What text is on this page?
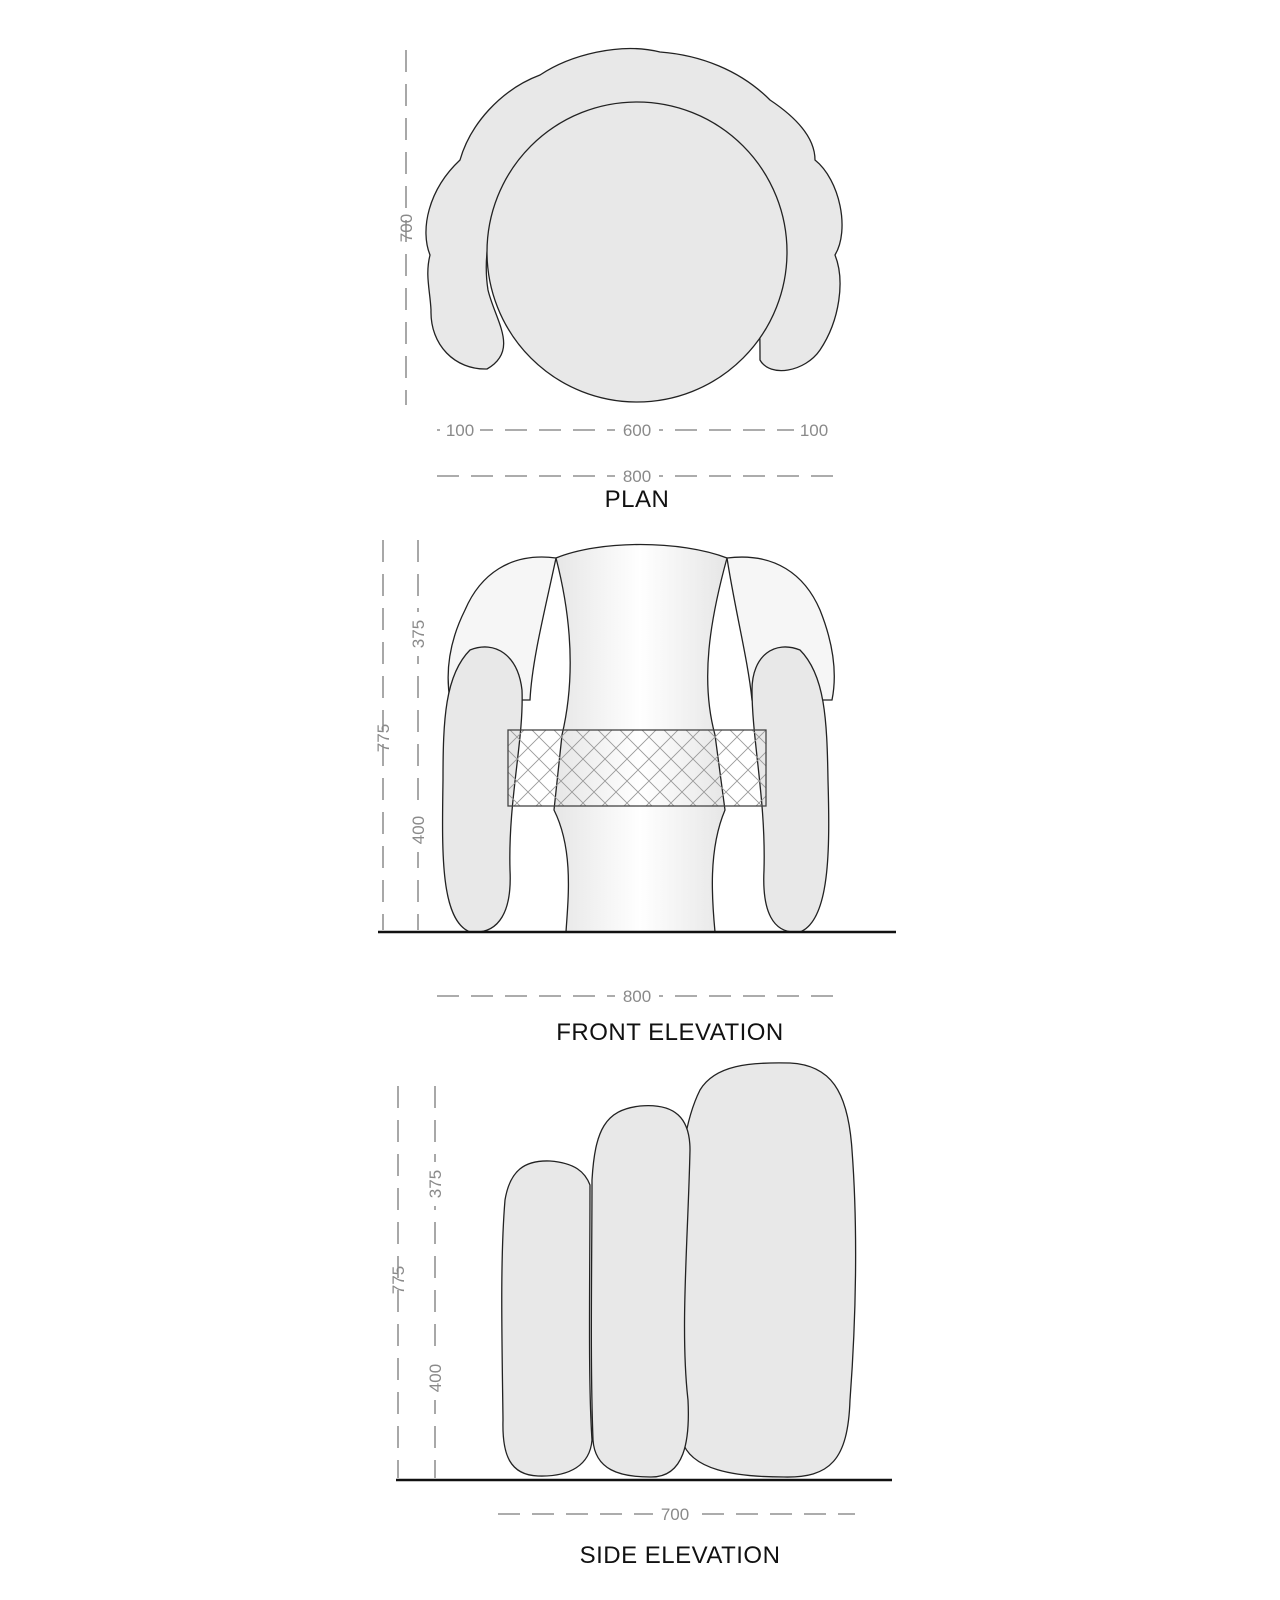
700
100	600	100
800
PLAN
775
375
400
800
FRONT ELEVATION
775
375
400
700
SIDE ELEVATION
